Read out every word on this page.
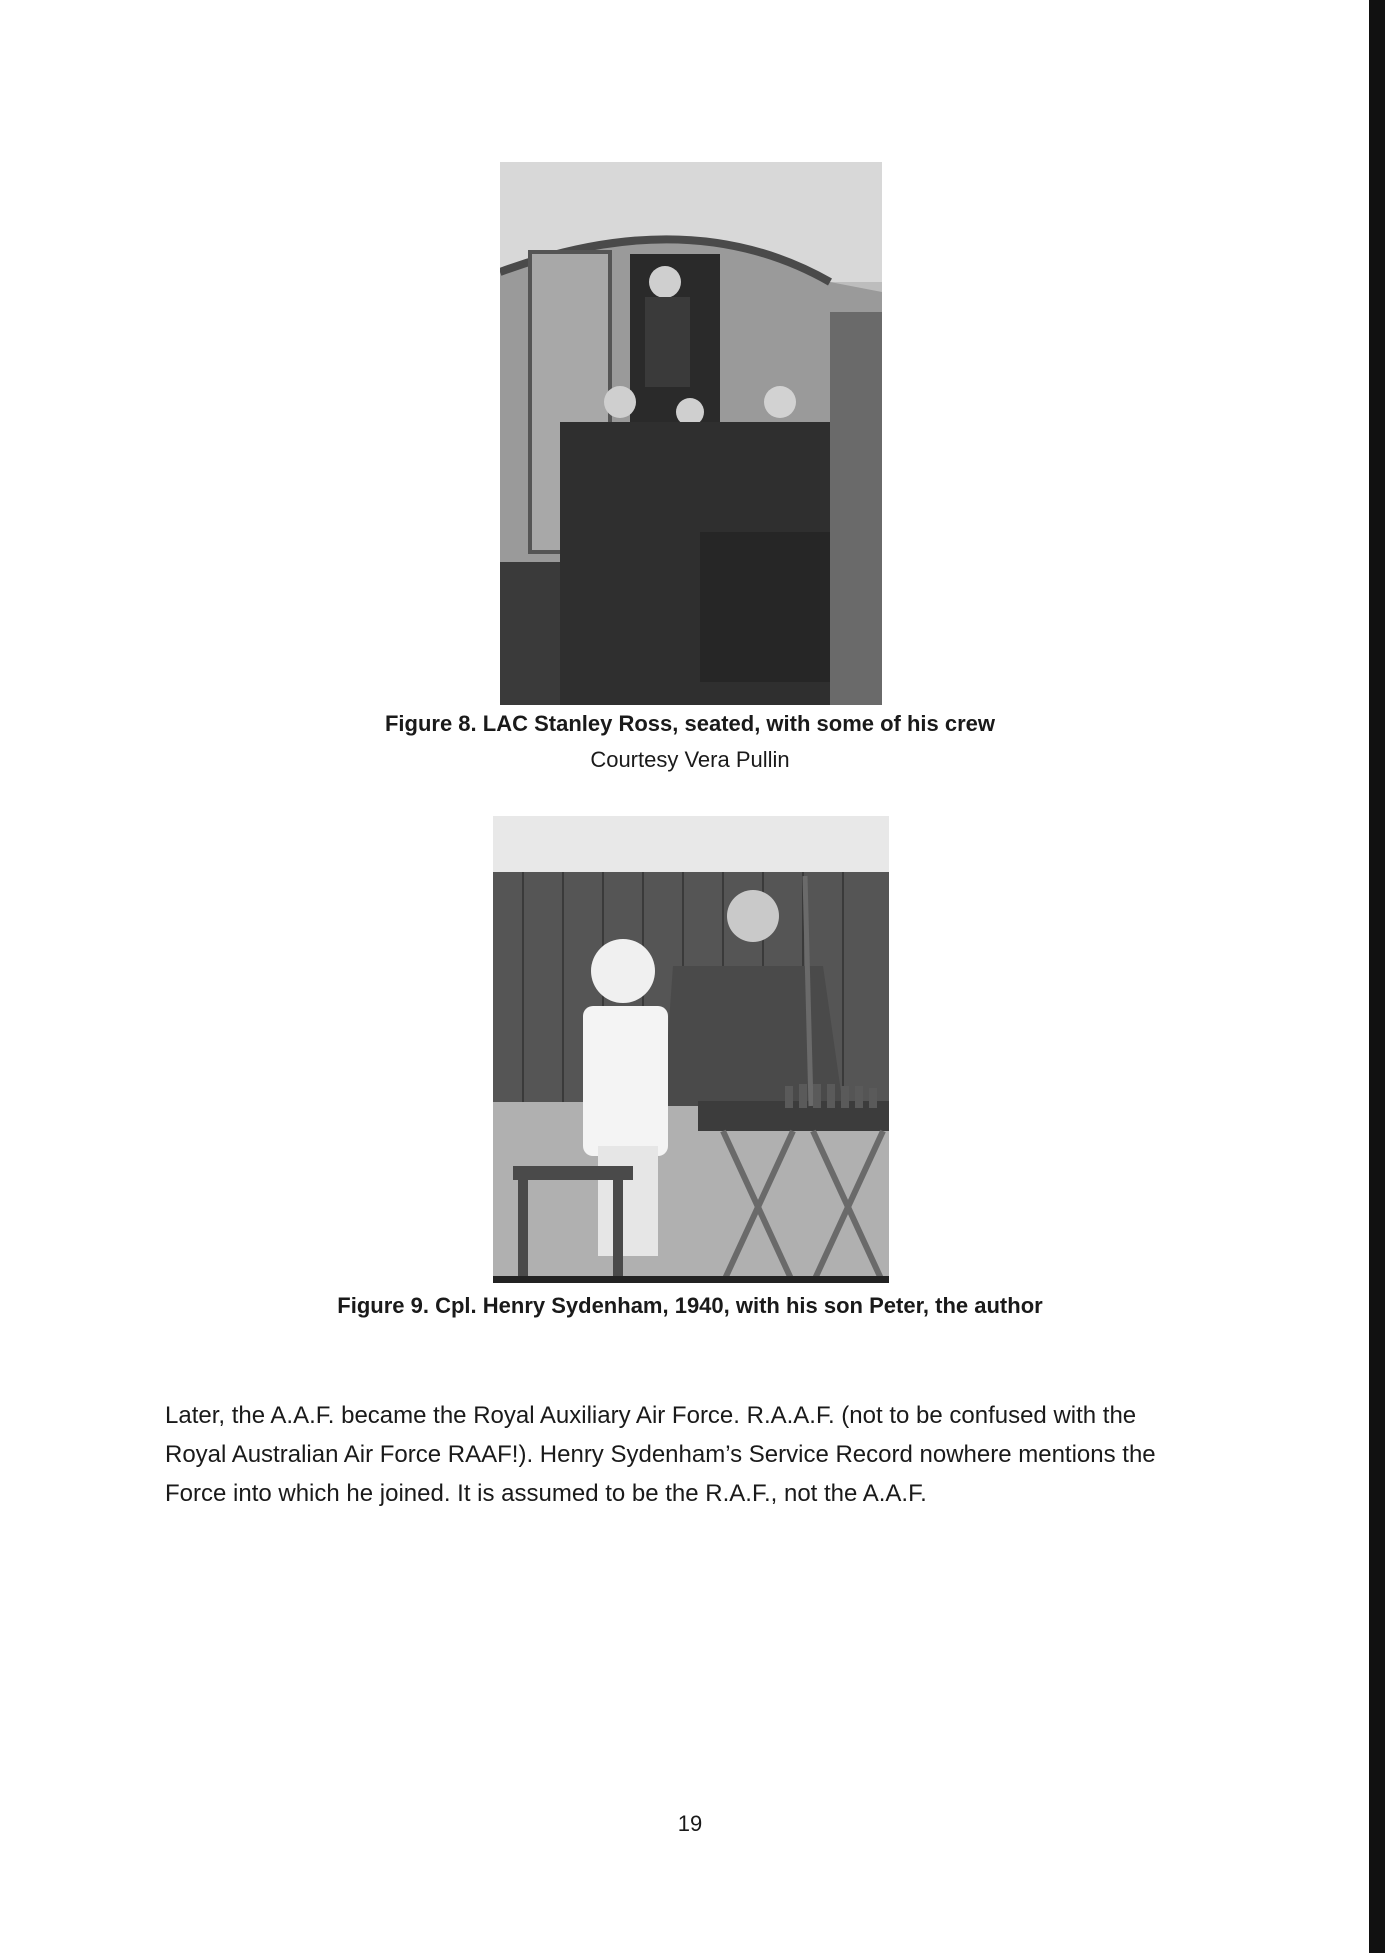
Figure 8. LAC Stanley Ross, seated, with some of his crew
Courtesy Vera Pullin
Figure 9. Cpl. Henry Sydenham, 1940, with his son Peter, the author

Later, the A.A.F. became the Royal Auxiliary Air Force. R.A.A.F. (not to be confused with the

Royal Australian Air Force RAAF!). Henry Sydenham’s Service Record nowhere mentions the

Force into which he joined. It is assumed to be the R.A.F., not the A.A.F.

19
